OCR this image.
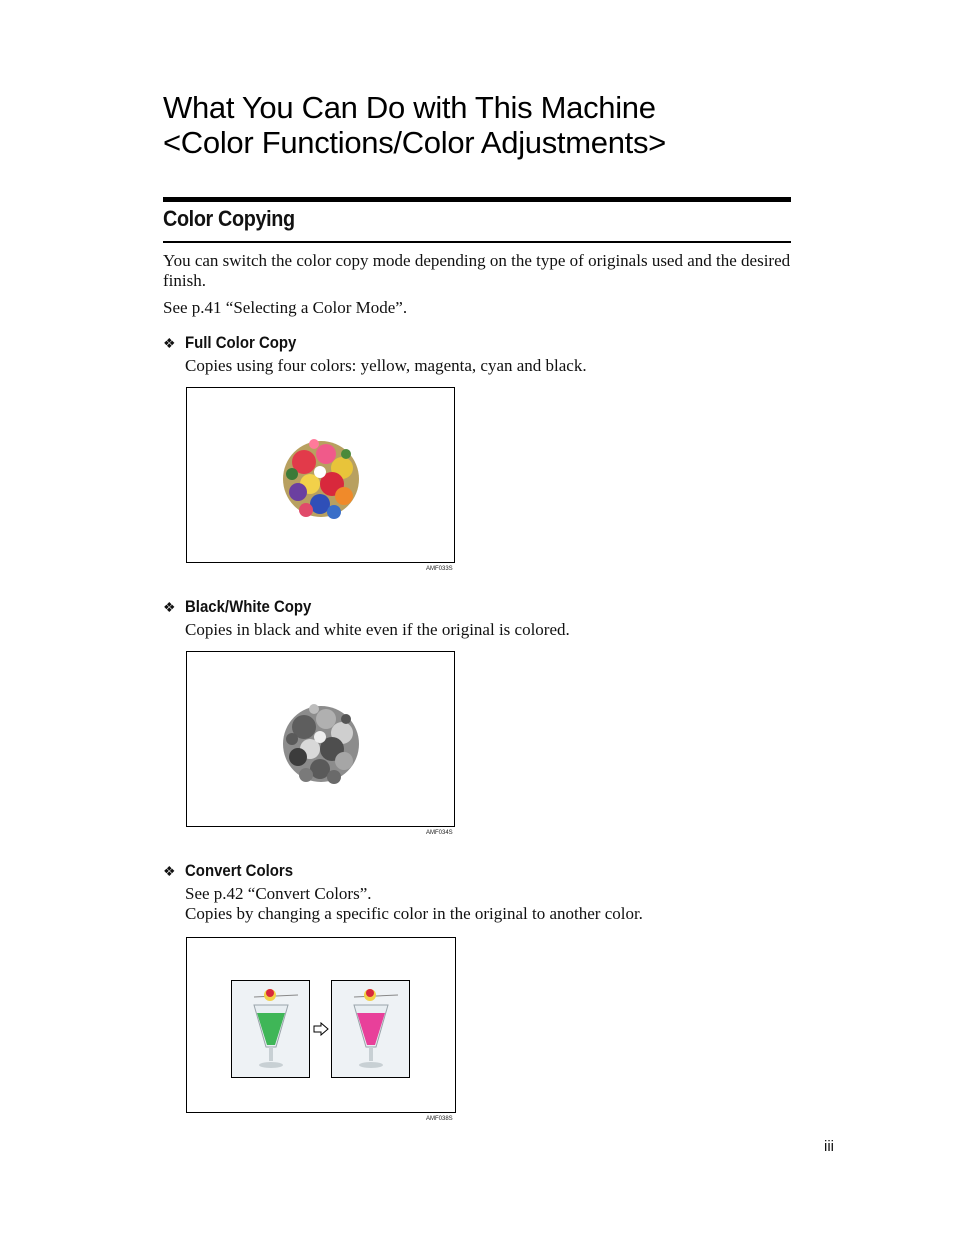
What You Can Do with This Machine
<Color Functions/Color Adjustments>
Color Copying

You can switch the color copy mode depending on the type of originals used and the desired finish.

See p.41 “Selecting a Color Mode”.

❖ Full Color Copy

Copies using four colors: yellow, magenta, cyan and black.

AMF033S
❖ Black/White Copy

Copies in black and white even if the original is colored.

AMF034S
❖ Convert Colors

See p.42 “Convert Colors”.

Copies by changing a specific color in the original to another color.

AMF038S
iii
